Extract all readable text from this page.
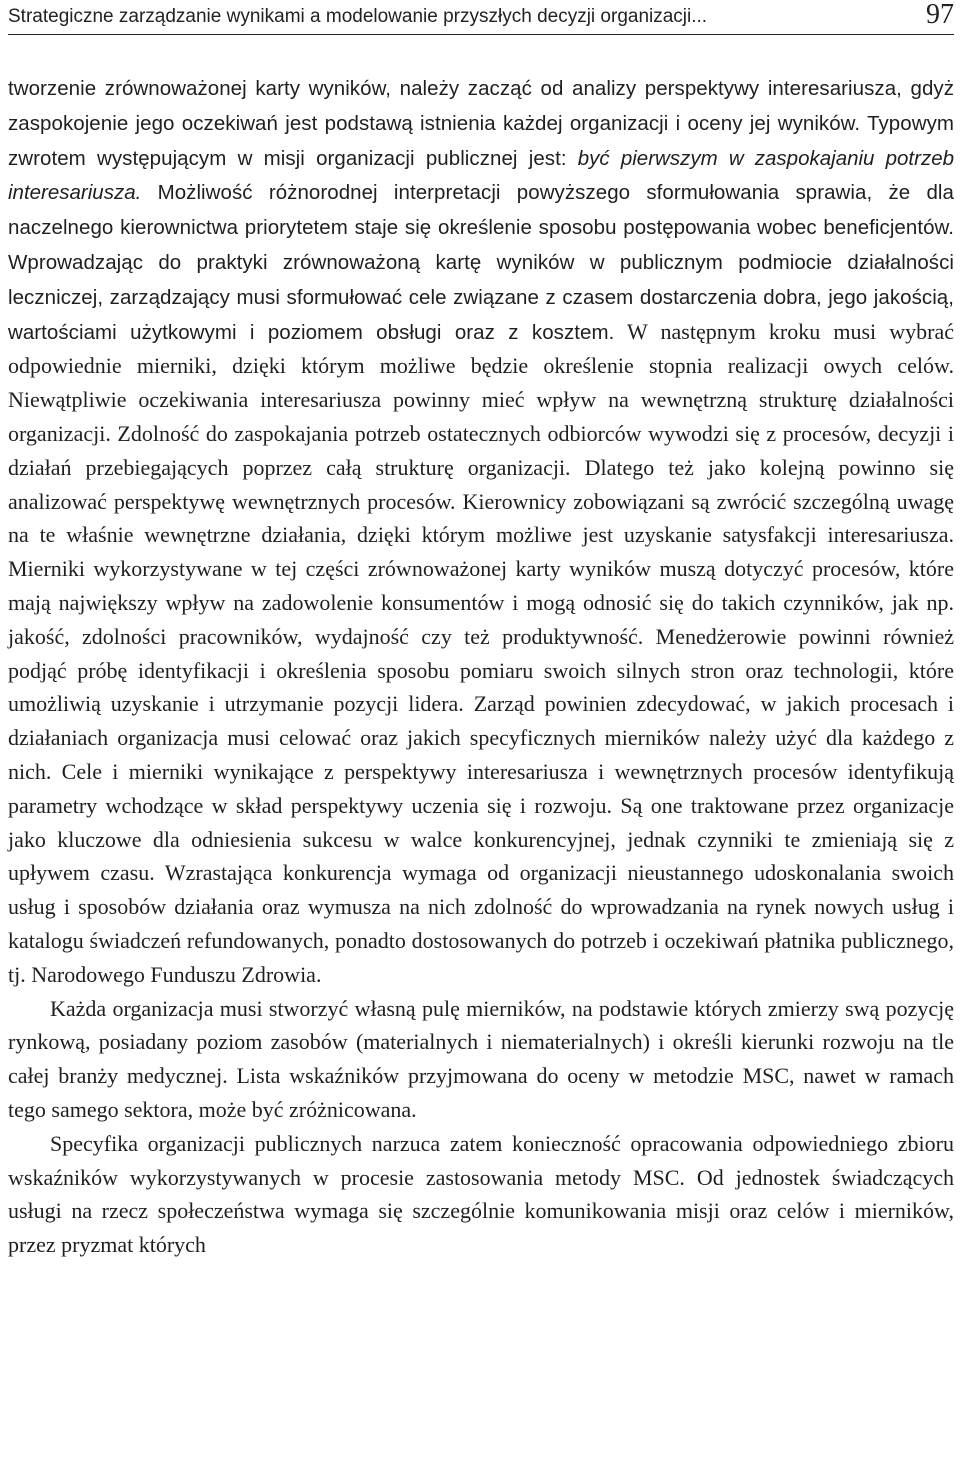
Strategiczne zarządzanie wynikami a modelowanie przyszłych decyzji organizacji...	97

tworzenie zrównoważonej karty wyników, należy zacząć od analizy perspektywy interesariusza, gdyż zaspokojenie jego oczekiwań jest podstawą istnienia każdej organizacji i oceny jej wyników. Typowym zwrotem występującym w misji organizacji publicznej jest: być pierwszym w zaspokajaniu potrzeb interesariusza. Możliwość różnorodnej interpretacji powyższego sformułowania sprawia, że dla naczelnego kierownictwa priorytetem staje się określenie sposobu postępowania wobec beneficjentów. Wprowadzając do praktyki zrównoważoną kartę wyników w publicznym podmiocie działalności leczniczej, zarządzający musi sformułować cele związane z czasem dostarczenia dobra, jego jakością, wartościami użytkowymi i poziomem obsługi oraz z kosztem. W następnym kroku musi wybrać odpowiednie mierniki, dzięki którym możliwe będzie określenie stopnia realizacji owych celów. Niewątpliwie oczekiwania interesariusza powinny mieć wpływ na wewnętrzną strukturę działalności organizacji. Zdolność do zaspokajania potrzeb ostatecznych odbiorców wywodzi się z procesów, decyzji i działań przebiegających poprzez całą strukturę organizacji. Dlatego też jako kolejną powinno się analizować perspektywę wewnętrznych procesów. Kierownicy zobowiązani są zwrócić szczególną uwagę na te właśnie wewnętrzne działania, dzięki którym możliwe jest uzyskanie satysfakcji interesariusza. Mierniki wykorzystywane w tej części zrównoważonej karty wyników muszą dotyczyć procesów, które mają największy wpływ na zadowolenie konsumentów i mogą odnosić się do takich czynników, jak np. jakość, zdolności pracowników, wydajność czy też produktywność. Menedżerowie powinni również podjąć próbę identyfikacji i określenia sposobu pomiaru swoich silnych stron oraz technologii, które umożliwią uzyskanie i utrzymanie pozycji lidera. Zarząd powinien zdecydować, w jakich procesach i działaniach organizacja musi celować oraz jakich specyficznych mierników należy użyć dla każdego z nich. Cele i mierniki wynikające z perspektywy interesariusza i wewnętrznych procesów identyfikują parametry wchodzące w skład perspektywy uczenia się i rozwoju. Są one traktowane przez organizacje jako kluczowe dla odniesienia sukcesu w walce konkurencyjnej, jednak czynniki te zmieniają się z upływem czasu. Wzrastająca konkurencja wymaga od organizacji nieustannego udoskonalania swoich usług i sposobów działania oraz wymusza na nich zdolność do wprowadzania na rynek nowych usług i katalogu świadczeń refundowanych, ponadto dostosowanych do potrzeb i oczekiwań płatnika publicznego, tj. Narodowego Funduszu Zdrowia.

Każda organizacja musi stworzyć własną pulę mierników, na podstawie których zmierzy swą pozycję rynkową, posiadany poziom zasobów (materialnych i niematerialnych) i określi kierunki rozwoju na tle całej branży medycznej. Lista wskaźników przyjmowana do oceny w metodzie MSC, nawet w ramach tego samego sektora, może być zróżnicowana.

Specyfika organizacji publicznych narzuca zatem konieczność opracowania odpowiedniego zbioru wskaźników wykorzystywanych w procesie zastosowania metody MSC. Od jednostek świadczących usługi na rzecz społeczeństwa wymaga się szczególnie komunikowania misji oraz celów i mierników, przez pryzmat których
